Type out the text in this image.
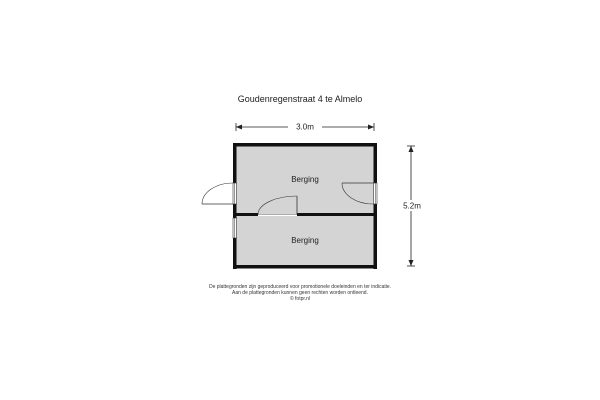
Goudenregenstraat 4 te Almelo
3.0m
5.2m
Berging
Berging
De plattegronden zijn geproduceerd voor promotionele doeleinden en ter indicatie.
Aan de plattegronden kunnen geen rechten worden ontleend.
© fotpr.nl
